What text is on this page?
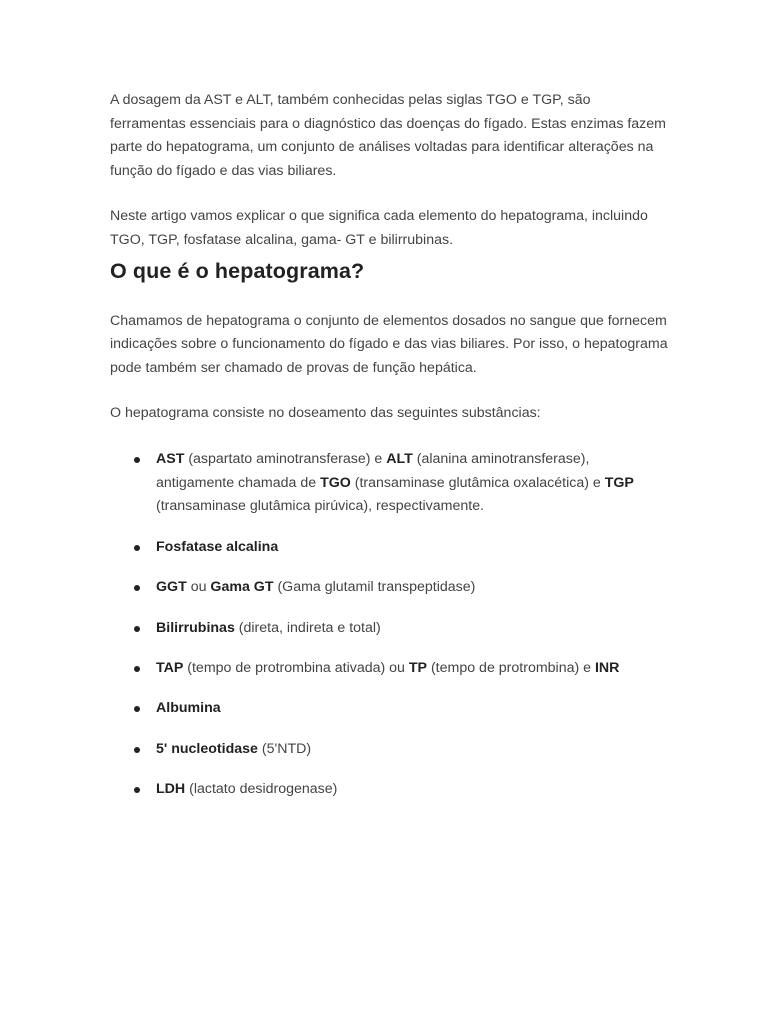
A dosagem da AST e ALT, também conhecidas pelas siglas TGO e TGP, são ferramentas essenciais para o diagnóstico das doenças do fígado. Estas enzimas fazem parte do hepatograma, um conjunto de análises voltadas para identificar alterações na função do fígado e das vias biliares.

Neste artigo vamos explicar o que significa cada elemento do hepatograma, incluindo TGO, TGP, fosfatase alcalina, gama- GT e bilirrubinas.

O que é o hepatograma?

Chamamos de hepatograma o conjunto de elementos dosados no sangue que fornecem indicações sobre o funcionamento do fígado e das vias biliares. Por isso, o hepatograma pode também ser chamado de provas de função hepática.

O hepatograma consiste no doseamento das seguintes substâncias:

AST (aspartato aminotransferase) e ALT (alanina aminotransferase), antigamente chamada de TGO (transaminase glutâmica oxalacética) e TGP (transaminase glutâmica pirúvica), respectivamente.
Fosfatase alcalina
GGT ou Gama GT (Gama glutamil transpeptidase)
Bilirrubinas (direta, indireta e total)
TAP (tempo de protrombina ativada) ou TP (tempo de protrombina) e INR
Albumina
5' nucleotidase (5'NTD)
LDH (lactato desidrogenase)
